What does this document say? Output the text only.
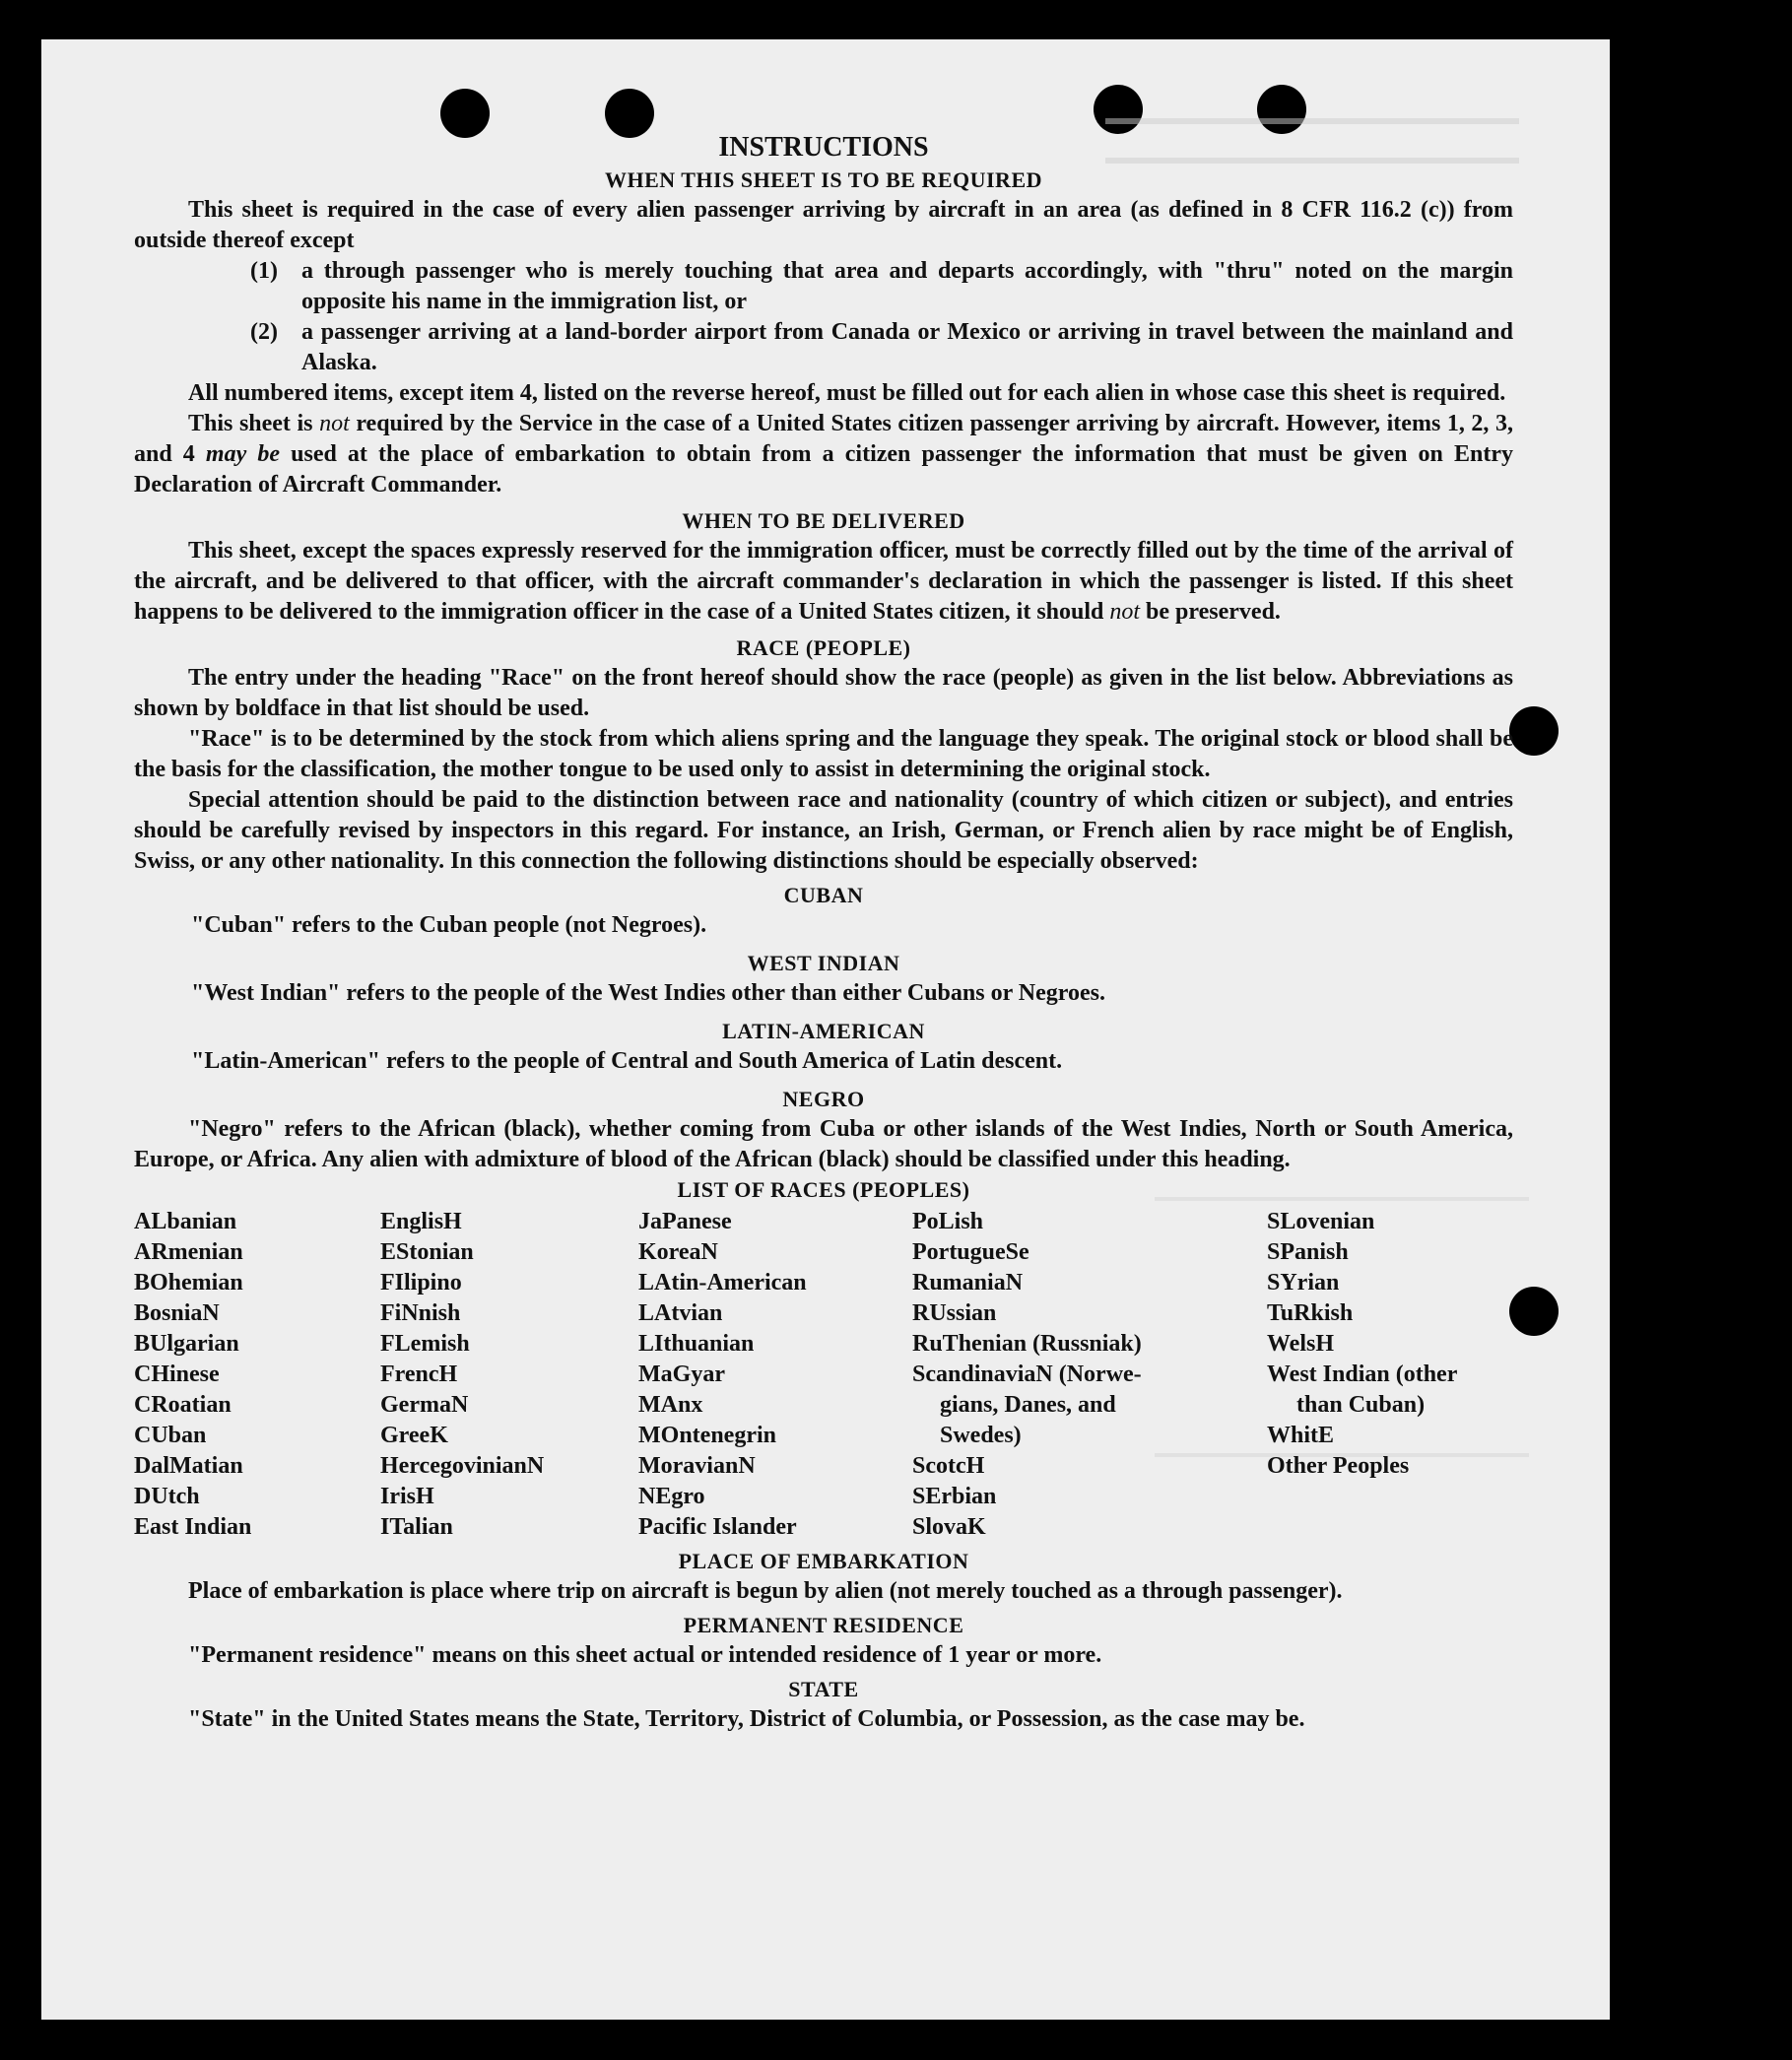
INSTRUCTIONS
WHEN THIS SHEET IS TO BE REQUIRED

This sheet is required in the case of every alien passenger arriving by aircraft in an area (as defined in 8 CFR 116.2 (c)) from outside thereof except

(1)	a through passenger who is merely touching that area and departs accordingly, with "thru" noted on the margin opposite his name in the immigration list, or
(2)	a passenger arriving at a land-border airport from Canada or Mexico or arriving in travel between the mainland and Alaska.

All numbered items, except item 4, listed on the reverse hereof, must be filled out for each alien in whose case this sheet is required.

This sheet is not required by the Service in the case of a United States citizen passenger arriving by aircraft. However, items 1, 2, 3, and 4 may be used at the place of embarkation to obtain from a citizen passenger the information that must be given on Entry Declaration of Aircraft Commander.

WHEN TO BE DELIVERED

This sheet, except the spaces expressly reserved for the immigration officer, must be correctly filled out by the time of the arrival of the aircraft, and be delivered to that officer, with the aircraft commander's declaration in which the passenger is listed. If this sheet happens to be delivered to the immigration officer in the case of a United States citizen, it should not be preserved.

RACE (PEOPLE)

The entry under the heading "Race" on the front hereof should show the race (people) as given in the list below. Abbreviations as shown by boldface in that list should be used.

"Race" is to be determined by the stock from which aliens spring and the language they speak. The original stock or blood shall be the basis for the classification, the mother tongue to be used only to assist in determining the original stock.

Special attention should be paid to the distinction between race and nationality (country of which citizen or subject), and entries should be carefully revised by inspectors in this regard. For instance, an Irish, German, or French alien by race might be of English, Swiss, or any other nationality. In this connection the following distinctions should be especially observed:

CUBAN

"Cuban" refers to the Cuban people (not Negroes).

WEST INDIAN

"West Indian" refers to the people of the West Indies other than either Cubans or Negroes.

LATIN-AMERICAN

"Latin-American" refers to the people of Central and South America of Latin descent.

NEGRO

"Negro" refers to the African (black), whether coming from Cuba or other islands of the West Indies, North or South America, Europe, or Africa. Any alien with admixture of blood of the African (black) should be classified under this heading.

LIST OF RACES (PEOPLES)
ALbanian
ARmenian
BOhemian
BosniaN
BUlgarian
CHinese
CRoatian
CUban
DalMatian
DUtch
East Indian
EnglisH
EStonian
FIlipino
FiNnish
FLemish
FrencH
GermaN
GreeK
HercegovinianN
IrisH
ITalian
JaPanese
KoreaN
LAtin-American
LAtvian
LIthuanian
MaGyar
MAnx
MOntenegrin
MoravianN
NEgro
Pacific Islander
PoLish
PortugueSe
RumaniaN
RUssian
RuThenian (Russniak)
ScandinaviaN (Norwe-
gians, Danes, and
Swedes)
ScotcH
SErbian
SlovaK
SLovenian
SPanish
SYrian
TuRkish
WelsH
West Indian (other
than Cuban)
WhitE
Other Peoples
PLACE OF EMBARKATION

Place of embarkation is place where trip on aircraft is begun by alien (not merely touched as a through passenger).

PERMANENT RESIDENCE

"Permanent residence" means on this sheet actual or intended residence of 1 year or more.

STATE

"State" in the United States means the State, Territory, District of Columbia, or Possession, as the case may be.
